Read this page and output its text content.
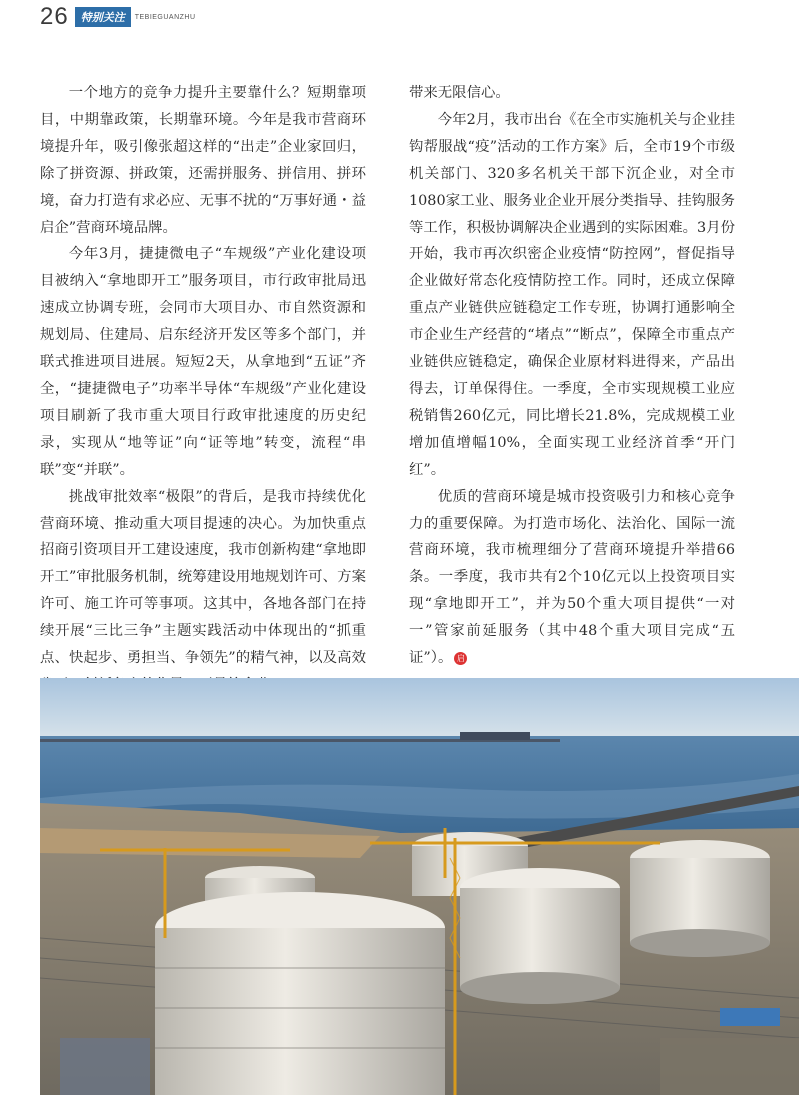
26	特别关注	TEBIEGUANZHU

一个地方的竞争力提升主要靠什么？短期靠项目，中期靠政策，长期靠环境。今年是我市营商环境提升年，吸引像张超这样的“出走”企业家回归，除了拼资源、拼政策，还需拼服务、拼信用、拼环境，奋力打造有求必应、无事不扰的“万事好通・益启企”营商环境品牌。

今年3月，捷捷微电子“车规级”产业化建设项目被纳入“拿地即开工”服务项目，市行政审批局迅速成立协调专班，会同市大项目办、市自然资源和规划局、住建局、启东经济开发区等多个部门，并联式推进项目进展。短短2天，从拿地到“五证”齐全，“捷捷微电子”功率半导体“车规级”产业化建设项目刷新了我市重大项目行政审批速度的历史纪录，实现从“地等证”向“证等地”转变，流程“串联”变“并联”。

挑战审批效率“极限”的背后，是我市持续优化营商环境、推动重大项目提速的决心。为加快重点招商引资项目开工建设速度，我市创新构建“拿地即开工”审批服务机制，统筹建设用地规划许可、方案许可、施工许可等事项。这其中，各地各部门在持续开展“三比三争”主题实践活动中体现出的“抓重点、快起步、勇担当、争领先”的精气神，以及高效

带来无限信心。

今年2月，我市出台《在全市实施机关与企业挂钩帮服战“疫”活动的工作方案》后，全市19个市级机关部门、320多名机关干部下沉企业，对全市1080家工业、服务业企业开展分类指导、挂钩服务等工作，积极协调解决企业遇到的实际困难。3月份开始，我市再次织密企业疫情“防控网”，督促指导企业做好常态化疫情防控工作。同时，还成立保障重点产业链供应链稳定工作专班，协调打通影响全市企业生产经营的“堵点”“断点”，保障全市重点产业链供应链稳定，确保企业原材料进得来，产品出得去，订单保得住。一季度，全市实现规模工业应税销售260亿元，同比增长21.8%，完成规模工业增加值增幅10%，全面实现工业经济首季“开门红”。

优质的营商环境是城市投资吸引力和核心竞争力的重要保障。为打造市场化、法治化、国际一流营商环境，我市梳理细分了营商环境提升举措66条。一季度，我市共有2个10亿元以上投资项目实现“拿地即开工”，并为50个重大项目提供“一对一”管家前延服务（其中48个重大项目完成“五证”）。 启
